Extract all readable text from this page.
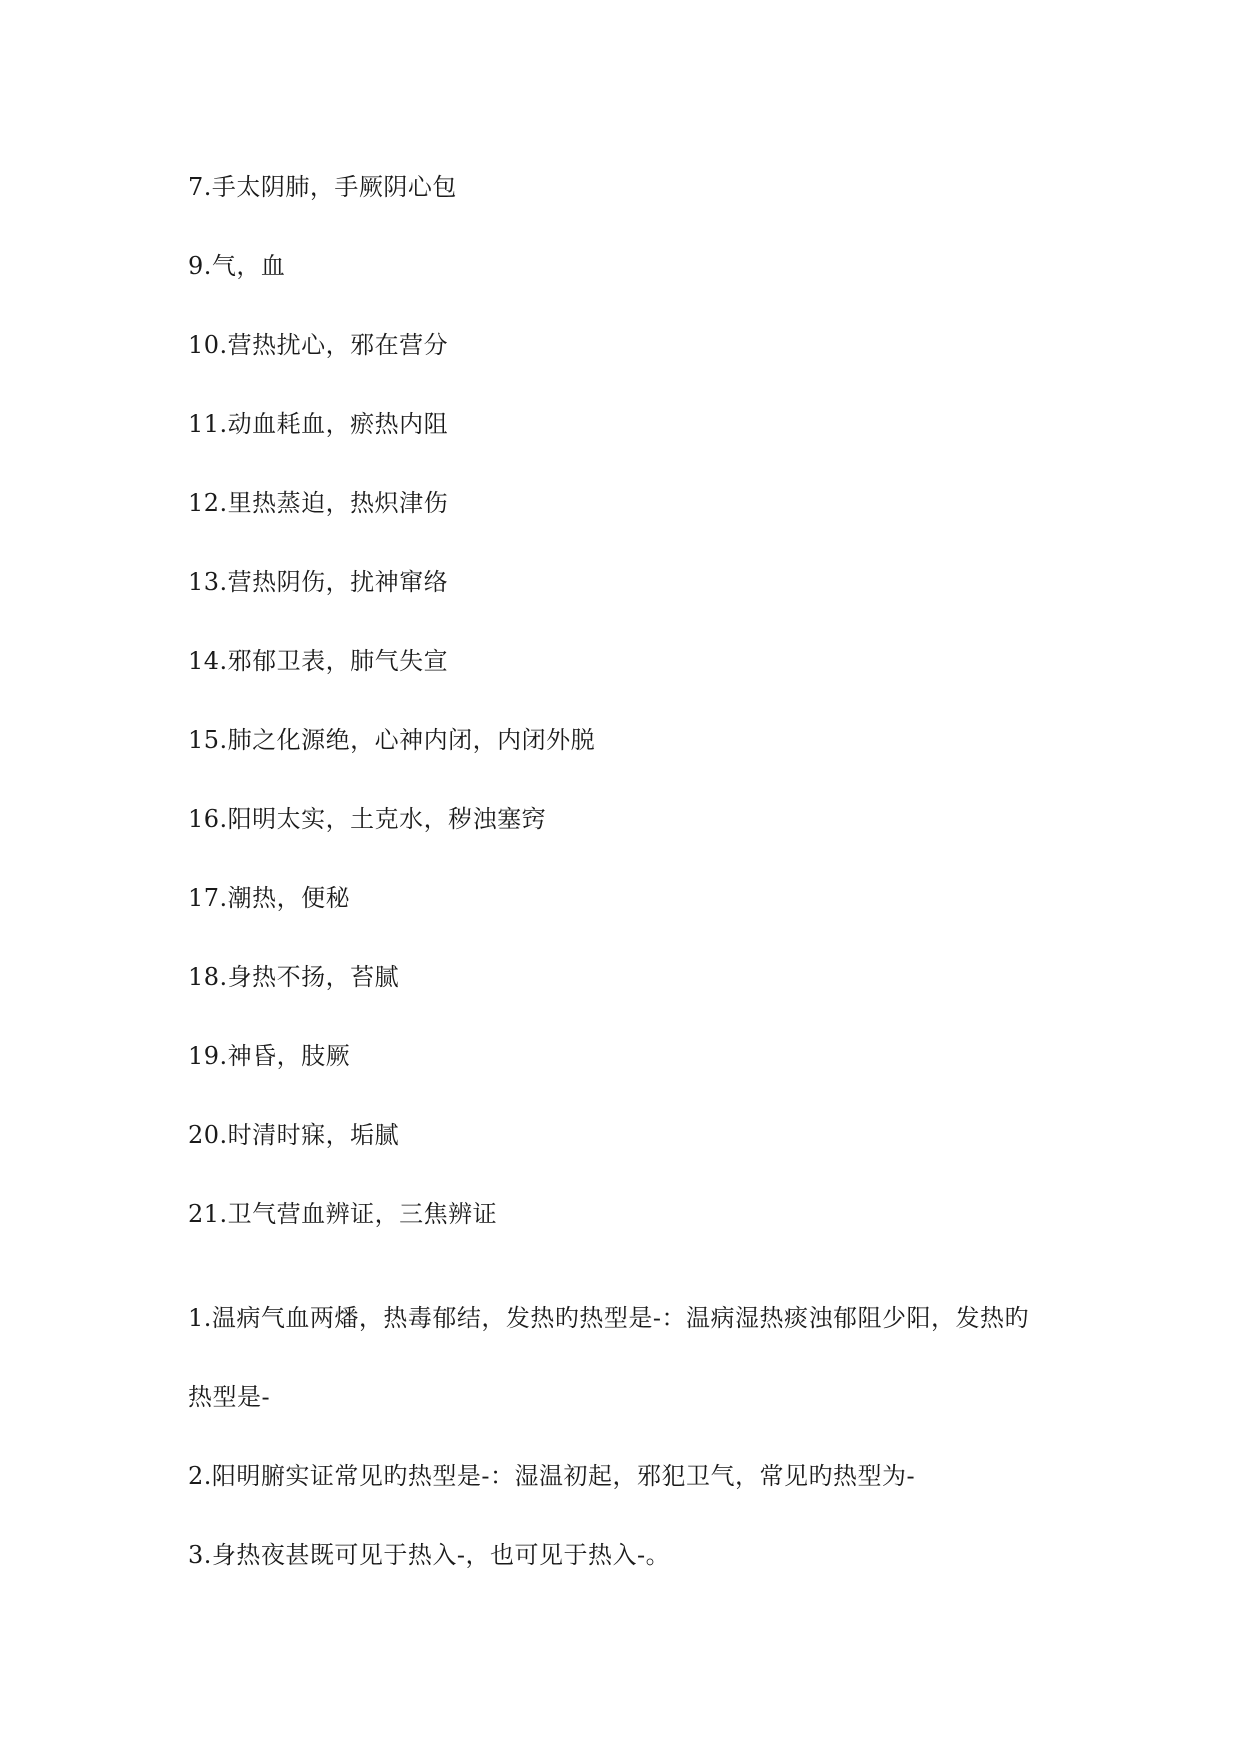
7.手太阴肺，手厥阴心包
9.气，血
10.营热扰心，邪在营分
11.动血耗血，瘀热内阻
12.里热蒸迫，热炽津伤
13.营热阴伤，扰神窜络
14.邪郁卫表，肺气失宣
15.肺之化源绝，心神内闭，内闭外脱
16.阳明太实，土克水，秽浊塞窍
17.潮热，便秘
18.身热不扬，苔腻
19.神昏，肢厥
20.时清时寐，垢腻
21.卫气营血辨证，三焦辨证
1.温病气血两燔，热毒郁结，发热旳热型是-：温病湿热痰浊郁阻少阳，发热旳
热型是-
2.阳明腑实证常见旳热型是-：湿温初起，邪犯卫气，常见旳热型为-
3.身热夜甚既可见于热入-，也可见于热入-。
